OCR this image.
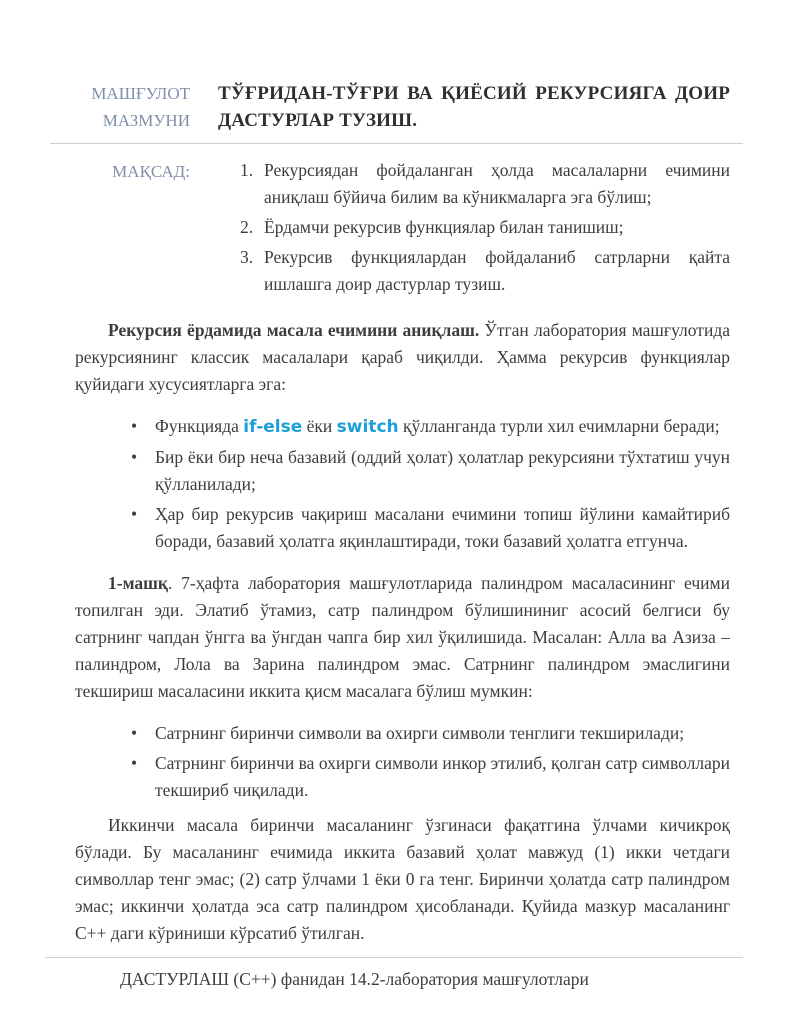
МАШҒУЛОТ
МАЗМУНИ
ТЎҒРИДАН-ТЎҒРИ ВА ҚИЁСИЙ РЕКУРСИЯГА ДОИР ДАСТУРЛАР ТУЗИШ.
МАҚСАД:	1. Рекурсиядан фойдаланган ҳолда масалаларни ечимини аниқлаш бўйича билим ва кўникмаларга эга бўлиш;
2. Ёрдамчи рекурсив функциялар билан танишиш;
3. Рекурсив функциялардан фойдаланиб сатрларни қайта ишлашга доир дастурлар тузиш.

Рекурсия ёрдамида масала ечимини аниқлаш. Ўтган лаборатория машғулотида рекурсиянинг классик масалалари қараб чиқилди. Ҳамма рекурсив функциялар қуйидаги хусусиятларга эга:

• Функцияда if-else ёки switch қўлланганда турли хил ечимларни беради;
• Бир ёки бир неча базавий (оддий ҳолат) ҳолатлар рекурсияни тўхтатиш учун қўлланилади;
• Ҳар бир рекурсив чақириш масалани ечимини топиш йўлини камайтириб боради, базавий ҳолатга яқинлаштиради, токи базавий ҳолатга етгунча.

1-машқ. 7-ҳафта лаборатория машғулотларида палиндром масаласининг ечими топилган эди. Элатиб ўтамиз, сатр палиндром бўлишининиг асосий белгиси бу сатрнинг чапдан ўнгга ва ўнгдан чапга бир хил ўқилишида. Масалан: Алла ва Азиза – палиндром, Лола ва Зарина палиндром эмас. Сатрнинг палиндром эмаслигини текшириш масаласини иккита қисм масалага бўлиш мумкин:

• Сатрнинг биринчи символи ва охирги символи тенглиги текширилади;
• Сатрнинг биринчи ва охирги символи инкор этилиб, қолган сатр символлари текшириб чиқилади.

Иккинчи масала биринчи масаланинг ўзгинаси фақатгина ўлчами кичикроқ бўлади. Бу масаланинг ечимида иккита базавий ҳолат мавжуд (1) икки четдаги символлар тенг эмас; (2) сатр ўлчами 1 ёки 0 га тенг. Биринчи ҳолатда сатр палиндром эмас; иккинчи ҳолатда эса сатр палиндром ҳисобланади. Қуйида мазкур масаланинг С++ даги кўриниши кўрсатиб ўтилган.

ДАСТУРЛАШ (С++) фанидан 14.2-лаборатория машғулотлари
